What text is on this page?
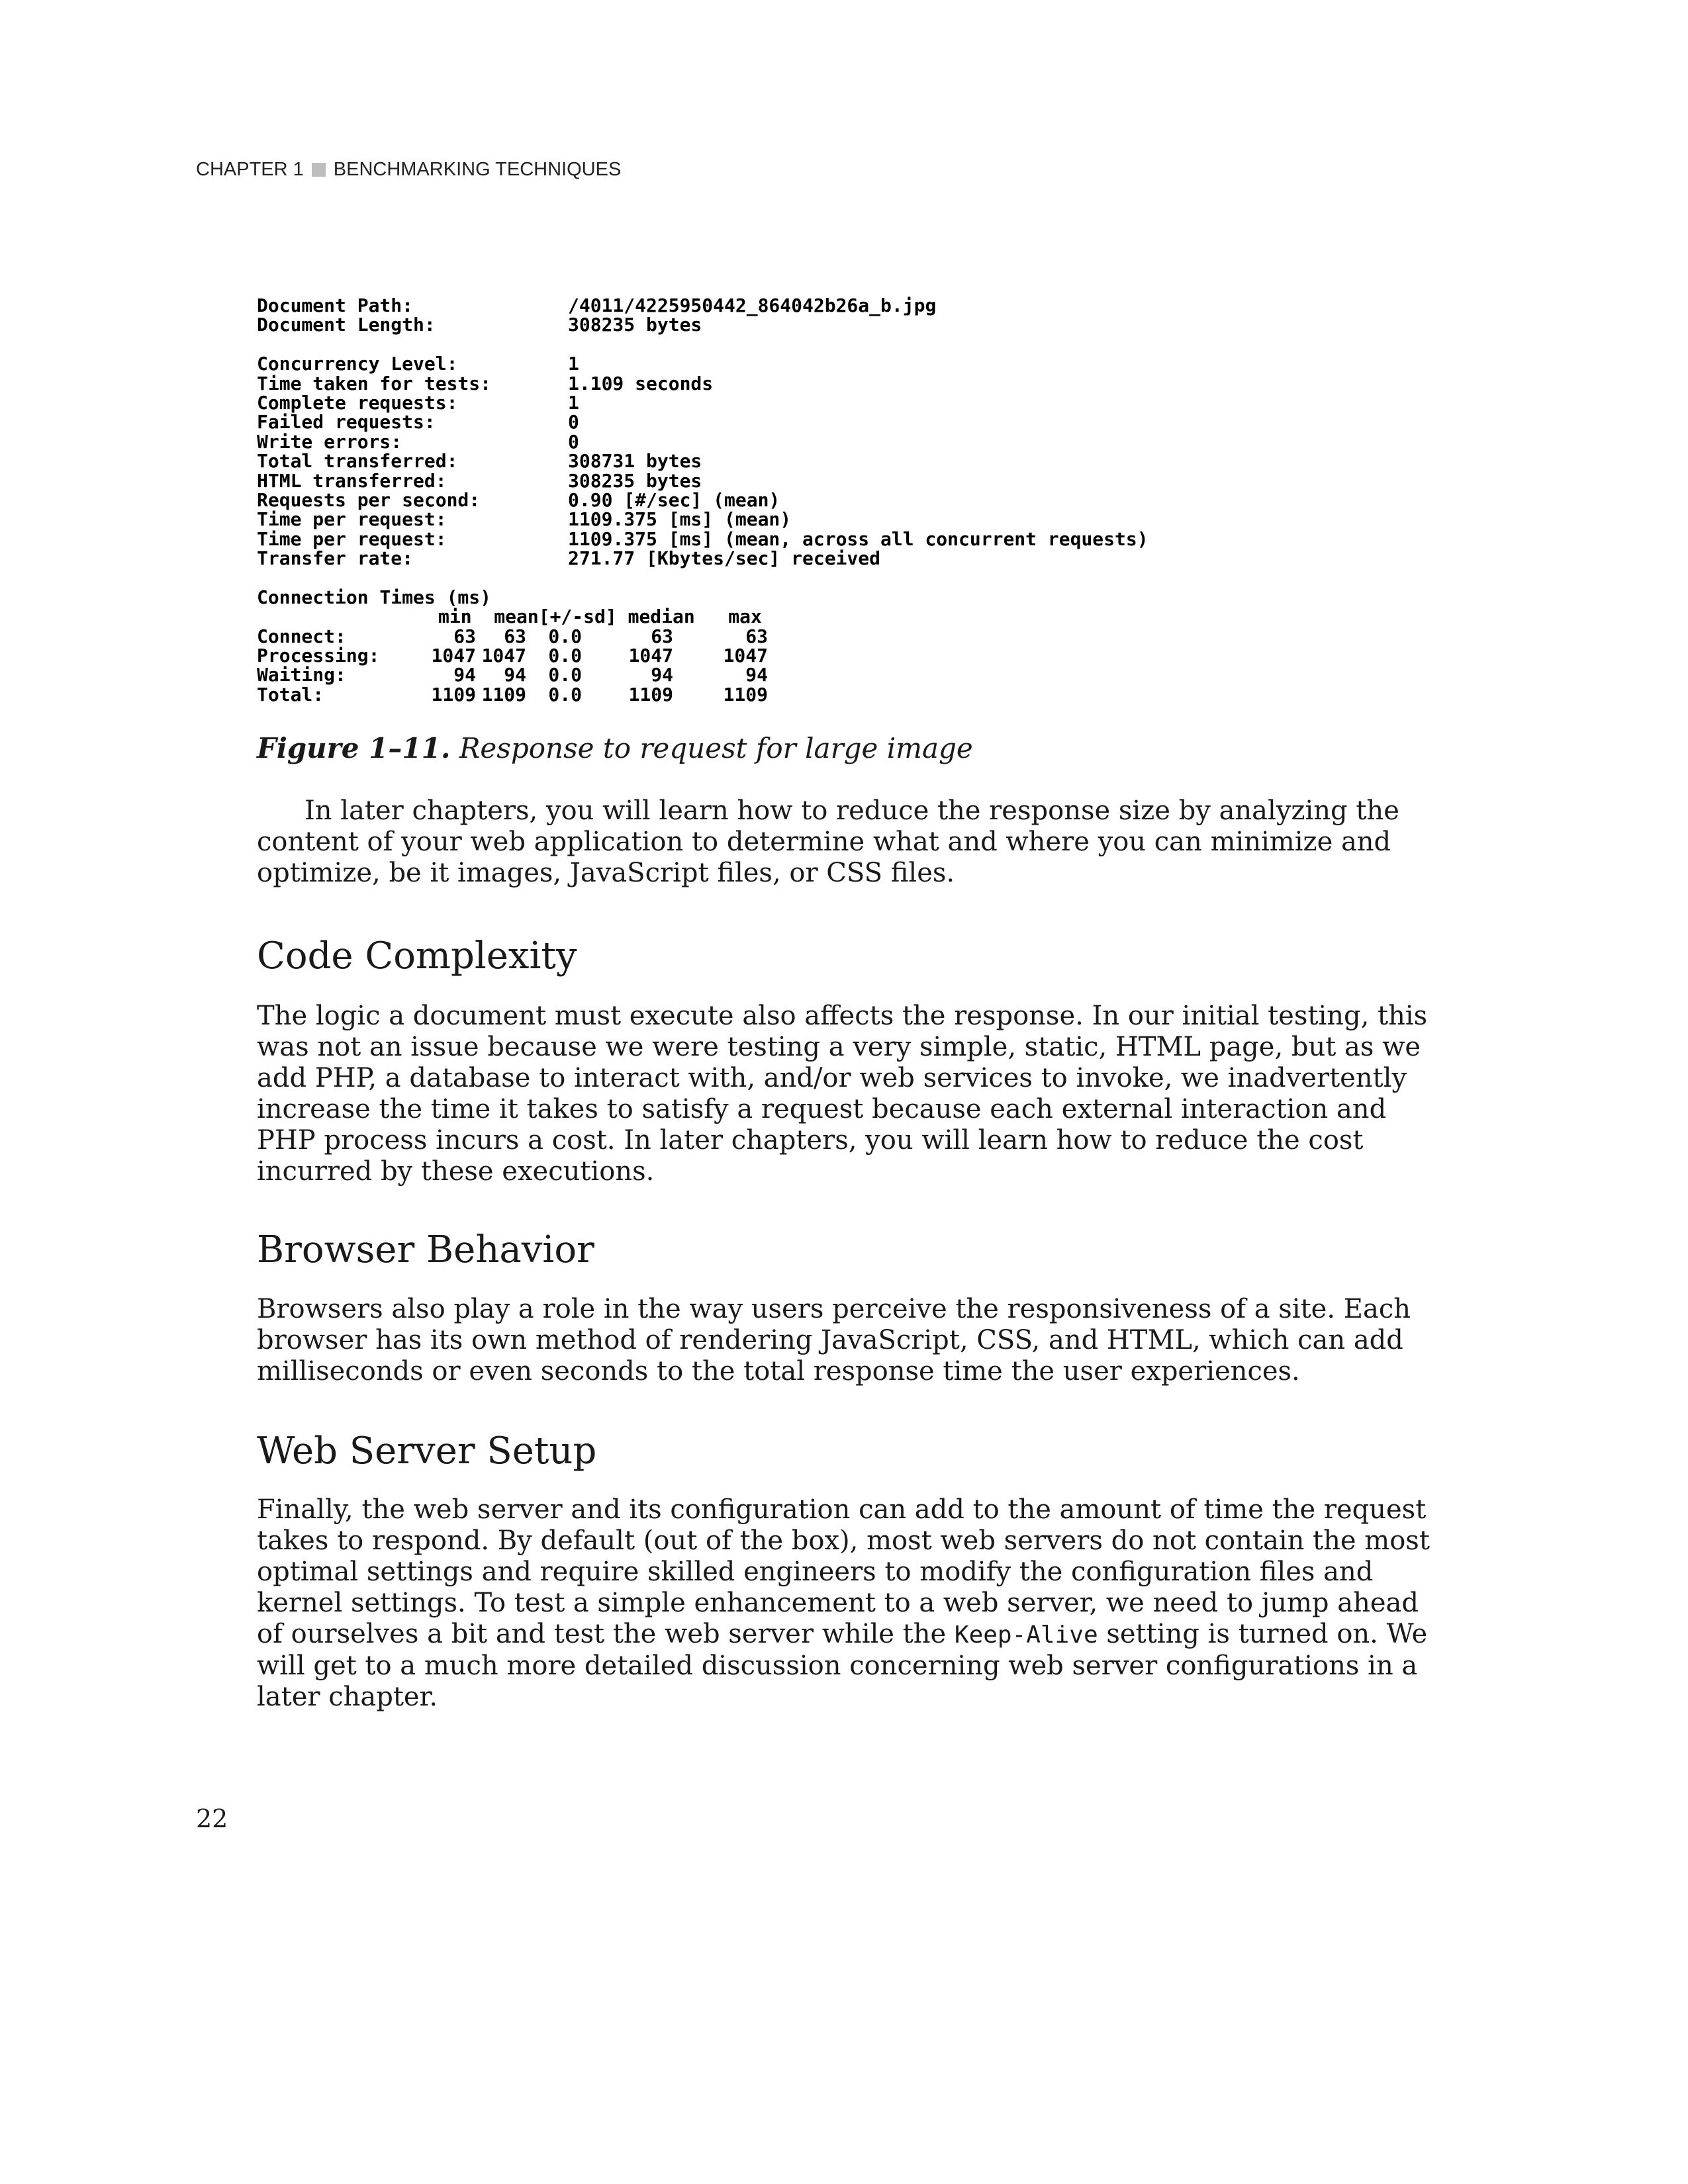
CHAPTER 1 BENCHMARKING TECHNIQUES
Document Path:	/4011/4225950442_864042b26a_b.jpg
Document Length:	308235 bytes
Concurrency Level:	1
Time taken for tests:	1.109 seconds
Complete requests:	1
Failed requests:	0
Write errors:	0
Total transferred:	308731 bytes
HTML transferred:	308235 bytes
Requests per second:	0.90 [#/sec] (mean)
Time per request:	1109.375 [ms] (mean)
Time per request:	1109.375 [ms] (mean, across all concurrent requests)
Transfer rate:	271.77 [Kbytes/sec] received
Connection Times (ms)
min  mean[+/-sd] median   max
Connect:	63	63	0.0	63	63
Processing:	1047 1047	0.0	1047	1047
Waiting:	94	94	0.0	94	94
Total:	1109 1109	0.0	1109	1109
Figure 1–11. Response to request for large image

In later chapters, you will learn how to reduce the response size by analyzing the content of your web application to determine what and where you can minimize and optimize, be it images, JavaScript files, or CSS files.

Code Complexity

The logic a document must execute also affects the response. In our initial testing, this was not an issue because we were testing a very simple, static, HTML page, but as we add PHP, a database to interact with, and/or web services to invoke, we inadvertently increase the time it takes to satisfy a request because each external interaction and PHP process incurs a cost. In later chapters, you will learn how to reduce the cost incurred by these executions.

Browser Behavior

Browsers also play a role in the way users perceive the responsiveness of a site. Each browser has its own method of rendering JavaScript, CSS, and HTML, which can add milliseconds or even seconds to the total response time the user experiences.

Web Server Setup

Finally, the web server and its configuration can add to the amount of time the request takes to respond. By default (out of the box), most web servers do not contain the most optimal settings and require skilled engineers to modify the configuration files and kernel settings. To test a simple enhancement to a web server, we need to jump ahead of ourselves a bit and test the web server while the Keep-Alive setting is turned on. We will get to a much more detailed discussion concerning web server configurations in a later chapter.

22
